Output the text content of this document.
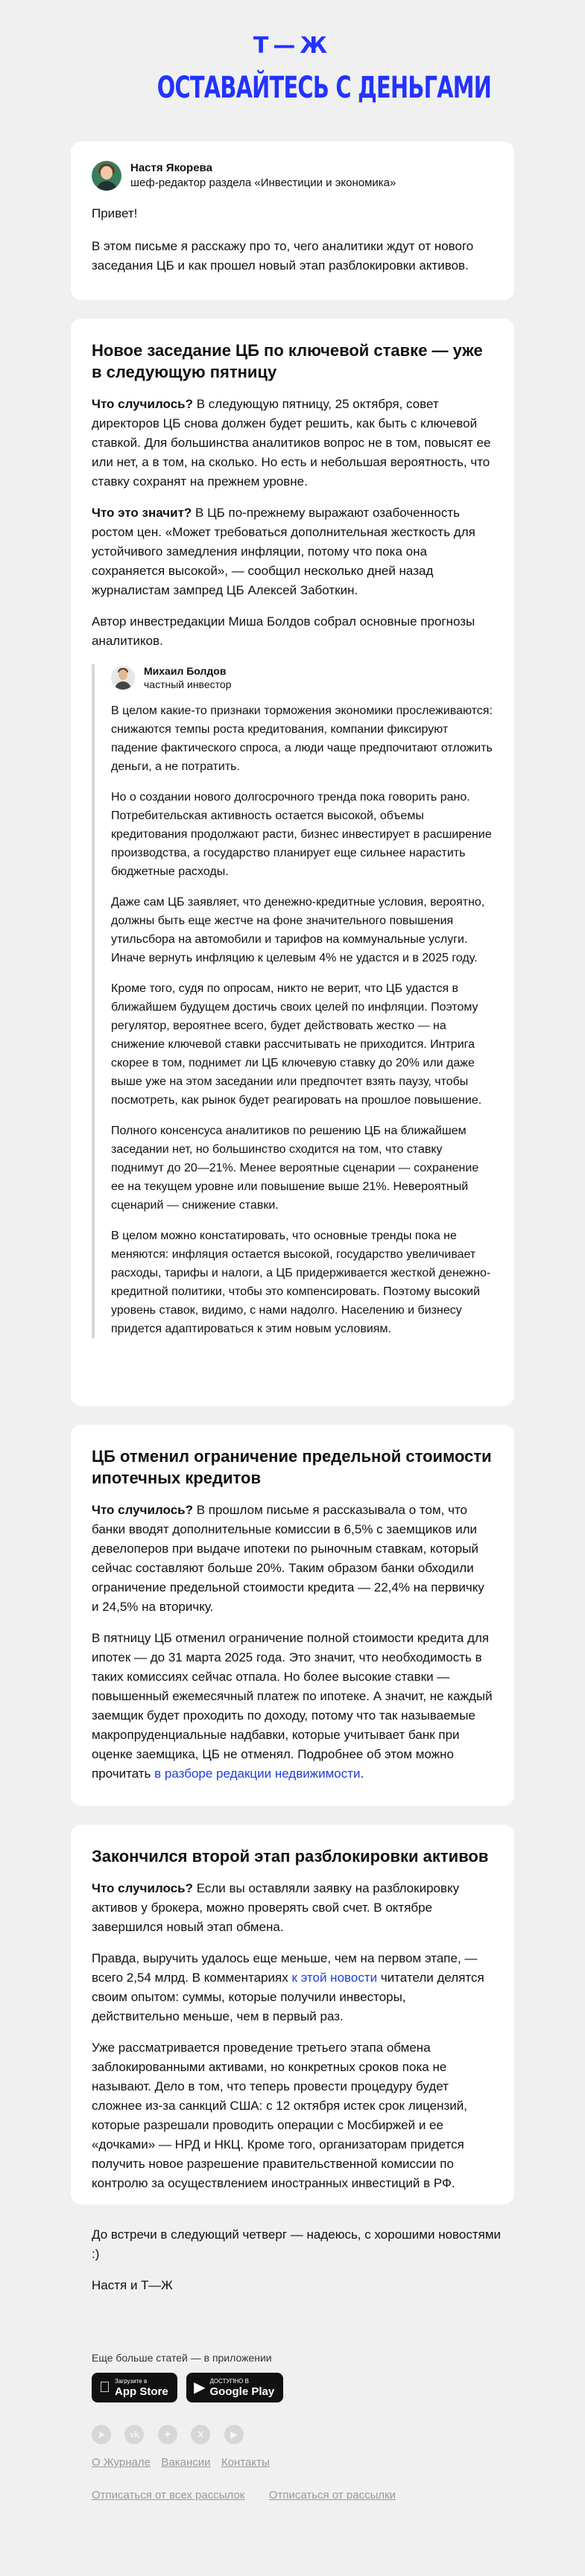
Т—Ж
ОСТАВАЙТЕСЬ С ДЕНЬГАМИ
Настя Якорева
шеф-редактор раздела «Инвестиции и экономика»

Привет!

В этом письме я расскажу про то, чего аналитики ждут от нового заседания ЦБ и как прошел новый этап разблокировки активов.

Новое заседание ЦБ по ключевой ставке — уже в следующую пятницу

Что случилось? В следующую пятницу, 25 октября, совет директоров ЦБ снова должен будет решить, как быть с ключевой ставкой. Для большинства аналитиков вопрос не в том, повысят ее или нет, а в том, на сколько. Но есть и небольшая вероятность, что ставку сохранят на прежнем уровне.

Что это значит? В ЦБ по-прежнему выражают озабоченность ростом цен. «Может требоваться дополнительная жесткость для устойчивого замедления инфляции, потому что пока она сохраняется высокой», — сообщил несколько дней назад журналистам зампред ЦБ Алексей Заботкин.

Автор инвестредакции Миша Болдов собрал основные прогнозы аналитиков.

Михаил Болдов
частный инвестор

В целом какие-то признаки торможения экономики прослеживаются: снижаются темпы роста кредитования, компании фиксируют падение фактического спроса, а люди чаще предпочитают отложить деньги, а не потратить.

Но о создании нового долгосрочного тренда пока говорить рано. Потребительская активность остается высокой, объемы кредитования продолжают расти, бизнес инвестирует в расширение производства, а государство планирует еще сильнее нарастить бюджетные расходы.

Даже сам ЦБ заявляет, что денежно-кредитные условия, вероятно, должны быть еще жестче на фоне значительного повышения утильсбора на автомобили и тарифов на коммунальные услуги. Иначе вернуть инфляцию к целевым 4% не удастся и в 2025 году.

Кроме того, судя по опросам, никто не верит, что ЦБ удастся в ближайшем будущем достичь своих целей по инфляции. Поэтому регулятор, вероятнее всего, будет действовать жестко — на снижение ключевой ставки рассчитывать не приходится. Интрига скорее в том, поднимет ли ЦБ ключевую ставку до 20% или даже выше уже на этом заседании или предпочтет взять паузу, чтобы посмотреть, как рынок будет реагировать на прошлое повышение.

Полного консенсуса аналитиков по решению ЦБ на ближайшем заседании нет, но большинство сходится на том, что ставку поднимут до 20—21%. Менее вероятные сценарии — сохранение ее на текущем уровне или повышение выше 21%. Невероятный сценарий — снижение ставки.

В целом можно констатировать, что основные тренды пока не меняются: инфляция остается высокой, государство увеличивает расходы, тарифы и налоги, а ЦБ придерживается жесткой денежно-кредитной политики, чтобы это компенсировать. Поэтому высокий уровень ставок, видимо, с нами надолго. Населению и бизнесу придется адаптироваться к этим новым условиям.

ЦБ отменил ограничение предельной стоимости ипотечных кредитов

Что случилось? В прошлом письме я рассказывала о том, что банки вводят дополнительные комиссии в 6,5% с заемщиков или девелоперов при выдаче ипотеки по рыночным ставкам, который сейчас составляют больше 20%. Таким образом банки обходили ограничение предельной стоимости кредита — 22,4% на первичку и 24,5% на вторичку.

В пятницу ЦБ отменил ограничение полной стоимости кредита для ипотек — до 31 марта 2025 года. Это значит, что необходимость в таких комиссиях сейчас отпала. Но более высокие ставки — повышенный ежемесячный платеж по ипотеке. А значит, не каждый заемщик будет проходить по доходу, потому что так называемые макропруденциальные надбавки, которые учитывает банк при оценке заемщика, ЦБ не отменял. Подробнее об этом можно прочитать в разборе редакции недвижимости.

Закончился второй этап разблокировки активов

Что случилось? Если вы оставляли заявку на разблокировку активов у брокера, можно проверять свой счет. В октябре завершился новый этап обмена.

Правда, выручить удалось еще меньше, чем на первом этапе, — всего 2,54 млрд. В комментариях к этой новости читатели делятся своим опытом: суммы, которые получили инвесторы, действительно меньше, чем в первый раз.

Уже рассматривается проведение третьего этапа обмена заблокированными активами, но конкретных сроков пока не называют. Дело в том, что теперь провести процедуру будет сложнее из-за санкций США: с 12 октября истек срок лицензий, которые разрешали проводить операции с Мосбиржей и ее «дочками» — НРД и НКЦ. Кроме того, организаторам придется получить новое разрешение правительственной комиссии по контролю за осуществлением иностранных инвестиций в РФ.

До встречи в следующий четверг — надеюсь, с хорошими новостями :)

Настя и Т—Ж

Еще больше статей — в приложении
Загрузите в
App Store
▶ ДОСТУПНО В
Google Play
➤	vk	✦	X	▶
О Журнале Вакансии Контакты
Отписаться от всех рассылок Отписаться от рассылки
